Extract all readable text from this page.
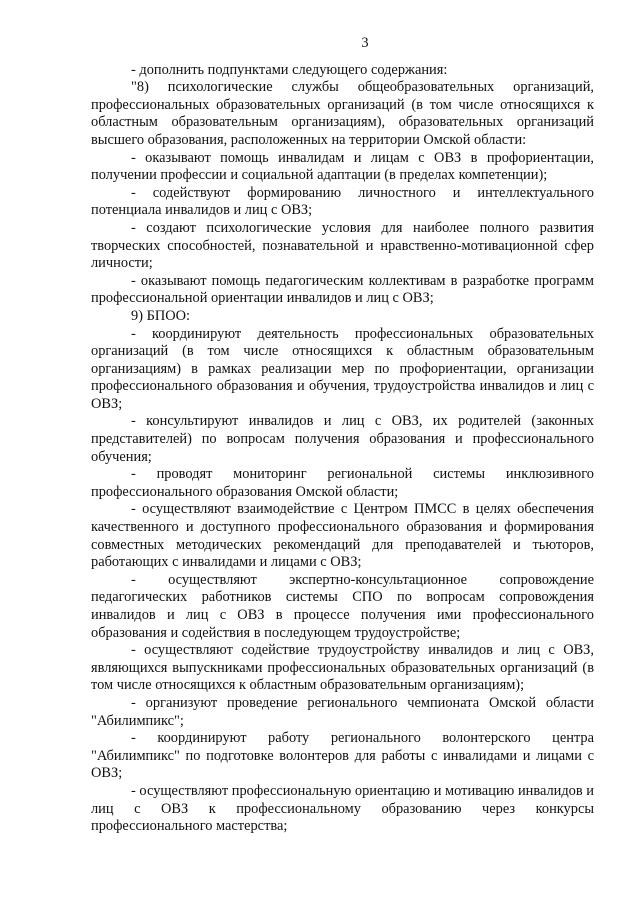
3

- дополнить подпунктами следующего содержания:

"8) психологические службы общеобразовательных организаций, профессиональных образовательных организаций (в том числе относящихся к областным образовательным организациям), образовательных организаций высшего образования, расположенных на территории Омской области:

- оказывают помощь инвалидам и лицам с ОВЗ в профориентации, получении профессии и социальной адаптации (в пределах компетенции);

- содействуют формированию личностного и интеллектуального потенциала инвалидов и лиц с ОВЗ;

- создают психологические условия для наиболее полного развития творческих способностей, познавательной и нравственно-мотивационной сфер личности;

- оказывают помощь педагогическим коллективам в разработке программ профессиональной ориентации инвалидов и лиц с ОВЗ;

9) БПОО:

- координируют деятельность профессиональных образовательных организаций (в том числе относящихся к областным образовательным организациям) в рамках реализации мер по профориентации, организации профессионального образования и обучения, трудоустройства инвалидов и лиц с ОВЗ;

- консультируют инвалидов и лиц с ОВЗ, их родителей (законных представителей) по вопросам получения образования и профессионального обучения;

- проводят мониторинг региональной системы инклюзивного профессионального образования Омской области;

- осуществляют взаимодействие с Центром ПМСС в целях обеспечения качественного и доступного профессионального образования и формирования совместных методических рекомендаций для преподавателей и тьюторов, работающих с инвалидами и лицами с ОВЗ;

- осуществляют экспертно-консультационное сопровождение педагогических работников системы СПО по вопросам сопровождения инвалидов и лиц с ОВЗ в процессе получения ими профессионального образования и содействия в последующем трудоустройстве;

- осуществляют содействие трудоустройству инвалидов и лиц с ОВЗ, являющихся выпускниками профессиональных образовательных организаций (в том числе относящихся к областным образовательным организациям);

- организуют проведение регионального чемпионата Омской области "Абилимпикс";

- координируют работу регионального волонтерского центра "Абилимпикс" по подготовке волонтеров для работы с инвалидами и лицами с ОВЗ;

- осуществляют профессиональную ориентацию и мотивацию инвалидов и лиц с ОВЗ к профессиональному образованию через конкурсы профессионального мастерства;
